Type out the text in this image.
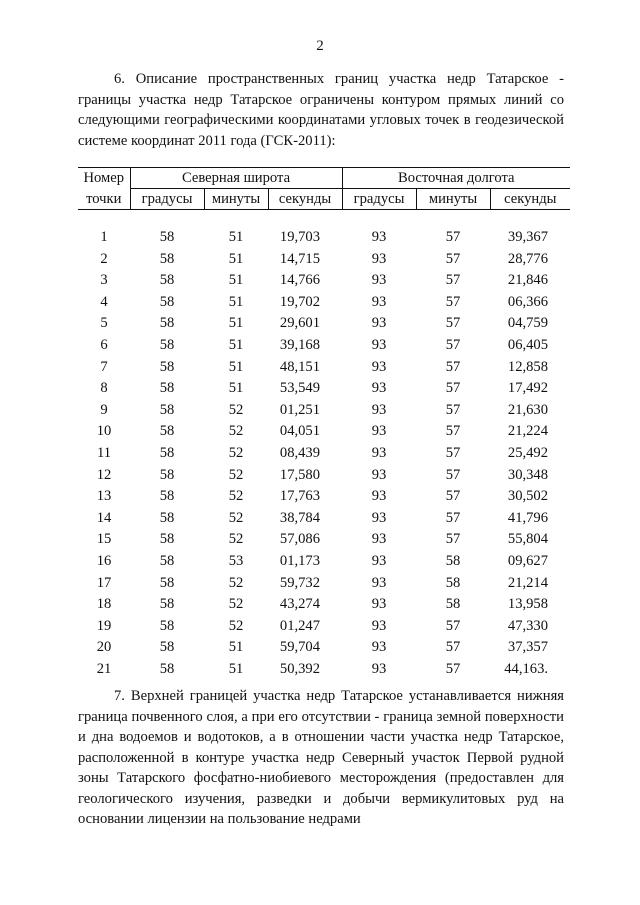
2

6. Описание пространственных границ участка недр Татарское - границы участка недр Татарское ограничены контуром прямых линий со следующими географическими координатами угловых точек в геодезической системе координат 2011 года (ГСК-2011):

Номер	Северная широта			Восточная долгота		
точки	градусы	минуты	секунды	градусы	минуты	секунды

1	58	51	19,703	93	57	39,367
2	58	51	14,715	93	57	28,776
3	58	51	14,766	93	57	21,846
4	58	51	19,702	93	57	06,366
5	58	51	29,601	93	57	04,759
6	58	51	39,168	93	57	06,405
7	58	51	48,151	93	57	12,858
8	58	51	53,549	93	57	17,492
9	58	52	01,251	93	57	21,630
10	58	52	04,051	93	57	21,224
11	58	52	08,439	93	57	25,492
12	58	52	17,580	93	57	30,348
13	58	52	17,763	93	57	30,502
14	58	52	38,784	93	57	41,796
15	58	52	57,086	93	57	55,804
16	58	53	01,173	93	58	09,627
17	58	52	59,732	93	58	21,214
18	58	52	43,274	93	58	13,958
19	58	52	01,247	93	57	47,330
20	58	51	59,704	93	57	37,357
21	58	51	50,392	93	57	44,163.

7. Верхней границей участка недр Татарское устанавливается нижняя граница почвенного слоя, а при его отсутствии - граница земной поверхности и дна водоемов и водотоков, а в отношении части участка недр Татарское, расположенной в контуре участка недр Северный участок Первой рудной зоны Татарского фосфатно-ниобиевого месторождения (предоставлен для геологического изучения, разведки и добычи вермикулитовых руд на основании лицензии на пользование недрами
